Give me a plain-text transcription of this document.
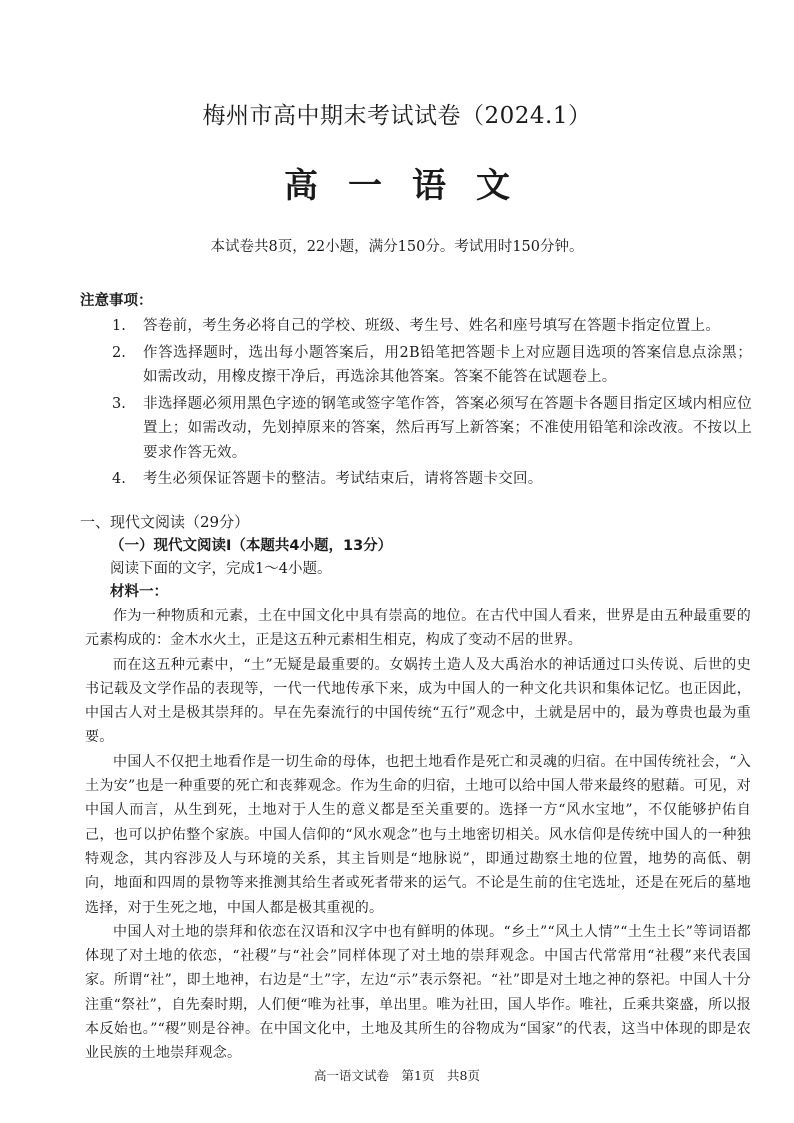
梅州市高中期末考试试卷（2024.1）
高一语文
本试卷共8页，22小题，满分150分。考试用时150分钟。
注意事项：
1.	答卷前，考生务必将自己的学校、班级、考生号、姓名和座号填写在答题卡指定位置上。
2.	作答选择题时，选出每小题答案后，用2B铅笔把答题卡上对应题目选项的答案信息点涂黑；如需改动，用橡皮擦干净后，再选涂其他答案。答案不能答在试题卷上。
3.	非选择题必须用黑色字迹的钢笔或签字笔作答，答案必须写在答题卡各题目指定区域内相应位置上；如需改动，先划掉原来的答案，然后再写上新答案；不准使用铅笔和涂改液。不按以上要求作答无效。
4.	考生必须保证答题卡的整洁。考试结束后，请将答题卡交回。
一、现代文阅读（29分）
（一）现代文阅读Ⅰ（本题共4小题，13分）
阅读下面的文字，完成1～4小题。
材料一：

作为一种物质和元素，土在中国文化中具有崇高的地位。在古代中国人看来，世界是由五种最重要的元素构成的：金木水火土，正是这五种元素相生相克，构成了变动不居的世界。

而在这五种元素中，“土”无疑是最重要的。女娲抟土造人及大禹治水的神话通过口头传说、后世的史书记载及文学作品的表现等，一代一代地传承下来，成为中国人的一种文化共识和集体记忆。也正因此，中国古人对土是极其崇拜的。早在先秦流行的中国传统“五行”观念中，土就是居中的，最为尊贵也最为重要。

中国人不仅把土地看作是一切生命的母体，也把土地看作是死亡和灵魂的归宿。在中国传统社会，“入土为安”也是一种重要的死亡和丧葬观念。作为生命的归宿，土地可以给中国人带来最终的慰藉。可见，对中国人而言，从生到死，土地对于人生的意义都是至关重要的。选择一方“风水宝地”，不仅能够护佑自己，也可以护佑整个家族。中国人信仰的“风水观念”也与土地密切相关。风水信仰是传统中国人的一种独特观念，其内容涉及人与环境的关系，其主旨则是“地脉说”，即通过勘察土地的位置，地势的高低、朝向，地面和四周的景物等来推测其给生者或死者带来的运气。不论是生前的住宅选址，还是在死后的墓地选择，对于生死之地，中国人都是极其重视的。

中国人对土地的崇拜和依恋在汉语和汉字中也有鲜明的体现。“乡土”“风土人情”“土生土长”等词语都体现了对土地的依恋，“社稷”与“社会”同样体现了对土地的崇拜观念。中国古代常常用“社稷”来代表国家。所谓“社”，即土地神，右边是“土”字，左边“示”表示祭祀。“社”即是对土地之神的祭祀。中国人十分注重“祭社”，自先秦时期，人们便“唯为社事，单出里。唯为社田，国人毕作。唯社，丘乘共粢盛，所以报本反始也。”“稷”则是谷神。在中国文化中，土地及其所生的谷物成为“国家”的代表，这当中体现的即是农业民族的土地崇拜观念。

高一语文试卷　第1页　共8页
